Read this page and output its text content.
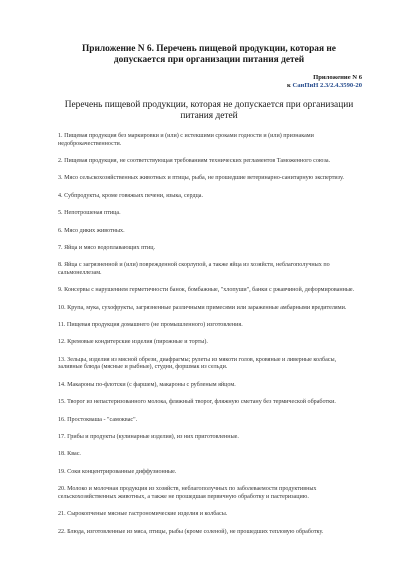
Приложение N 6. Перечень пищевой продукции, которая не допускается при организации питания детей
Приложение N 6
к СанПиН 2.3/2.4.3590-20
Перечень пищевой продукции, которая не допускается при организации питания детей
1. Пищевая продукция без маркировки и (или) с истекшими сроками годности и (или) признаками недоброкачественности.
2. Пищевая продукция, не соответствующая требованиям технических регламентов Таможенного союза.
3. Мясо сельскохозяйственных животных и птицы, рыба, не прошедшие ветеринарно-санитарную экспертизу.
4. Субпродукты, кроме говяжьих печени, языка, сердца.
5. Непотрошеная птица.
6. Мясо диких животных.
7. Яйца и мясо водоплавающих птиц.
8. Яйца с загрязненной и (или) поврежденной скорлупой, а также яйца из хозяйств, неблагополучных по сальмонеллезам.
9. Консервы с нарушением герметичности банок, бомбажные, "хлопуши", банки с ржавчиной, деформированные.
10. Крупа, мука, сухофрукты, загрязненные различными примесями или зараженные амбарными вредителями.
11. Пищевая продукция домашнего (не промышленного) изготовления.
12. Кремовые кондитерские изделия (пирожные и торты).
13. Зельцы, изделия из мясной обрези, диафрагмы; рулеты из мякоти голов, кровяные и ливерные колбасы, заливные блюда (мясные и рыбные), студни, форшмак из сельди.
14. Макароны по-флотски (с фаршем), макароны с рубленым яйцом.
15. Творог из непастеризованного молока, фляжный творог, фляжную сметану без термической обработки.
16. Простокваша - "самоквас".
17. Грибы и продукты (кулинарные изделия), из них приготовленные.
18. Квас.
19. Соки концентрированные диффузионные.
20. Молоко и молочная продукция из хозяйств, неблагополучных по заболеваемости продуктивных сельскохозяйственных животных, а также не прошедшая первичную обработку и пастеризацию.
21. Сырокопченые мясные гастрономические изделия и колбасы.
22. Блюда, изготовленные из мяса, птицы, рыбы (кроме соленой), не прошедших тепловую обработку.
